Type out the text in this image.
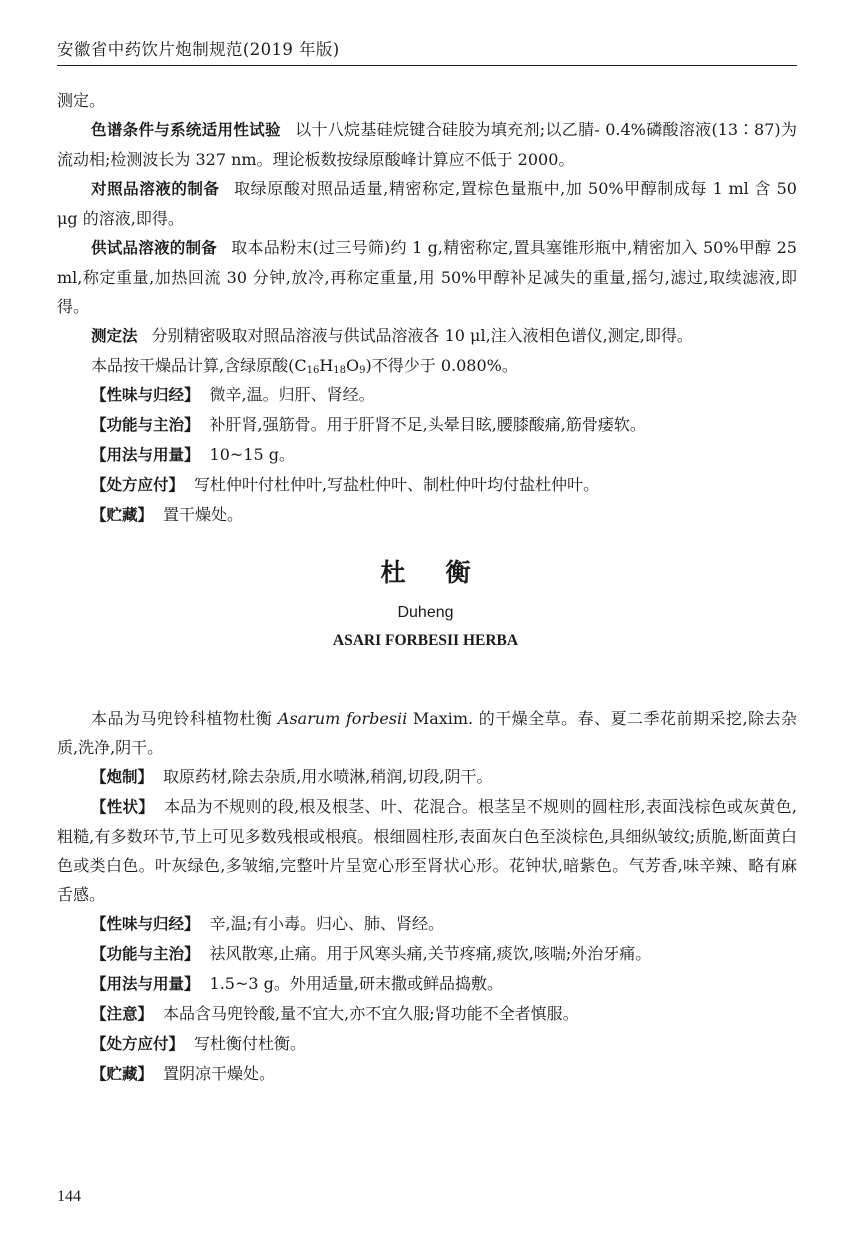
安徽省中药饮片炮制规范(2019 年版)

测定。

色谱条件与系统适用性试验 以十八烷基硅烷键合硅胶为填充剂;以乙腈- 0.4%磷酸溶液(13∶87)为流动相;检测波长为 327 nm。理论板数按绿原酸峰计算应不低于 2000。

对照品溶液的制备 取绿原酸对照品适量,精密称定,置棕色量瓶中,加 50%甲醇制成每 1 ml 含 50 μg 的溶液,即得。

供试品溶液的制备 取本品粉末(过三号筛)约 1 g,精密称定,置具塞锥形瓶中,精密加入 50%甲醇 25 ml,称定重量,加热回流 30 分钟,放冷,再称定重量,用 50%甲醇补足减失的重量,摇匀,滤过,取续滤液,即得。

测定法 分别精密吸取对照品溶液与供试品溶液各 10 μl,注入液相色谱仪,测定,即得。

本品按干燥品计算,含绿原酸$(C_{16}H_{18}O_9)$不得少于 0.080%。

【性味与归经】 微辛,温。归肝、肾经。

【功能与主治】 补肝肾,强筋骨。用于肝肾不足,头晕目眩,腰膝酸痛,筋骨痿软。

【用法与用量】 10~15 g。

【处方应付】 写杜仲叶付杜仲叶,写盐杜仲叶、制杜仲叶均付盐杜仲叶。

【贮藏】 置干燥处。

杜衡
Duheng
ASARI FORBESII HERBA

本品为马兜铃科植物杜衡 Asarum forbesii Maxim. 的干燥全草。春、夏二季花前期采挖,除去杂质,洗净,阴干。

【炮制】 取原药材,除去杂质,用水喷淋,稍润,切段,阴干。

【性状】 本品为不规则的段,根及根茎、叶、花混合。根茎呈不规则的圆柱形,表面浅棕色或灰黄色,粗糙,有多数环节,节上可见多数残根或根痕。根细圆柱形,表面灰白色至淡棕色,具细纵皱纹;质脆,断面黄白色或类白色。叶灰绿色,多皱缩,完整叶片呈宽心形至肾状心形。花钟状,暗紫色。气芳香,味辛辣、略有麻舌感。

【性味与归经】 辛,温;有小毒。归心、肺、肾经。

【功能与主治】 祛风散寒,止痛。用于风寒头痛,关节疼痛,痰饮,咳喘;外治牙痛。

【用法与用量】 1.5~3 g。外用适量,研末撒或鲜品捣敷。

【注意】 本品含马兜铃酸,量不宜大,亦不宜久服;肾功能不全者慎服。

【处方应付】 写杜衡付杜衡。

【贮藏】 置阴凉干燥处。

144
